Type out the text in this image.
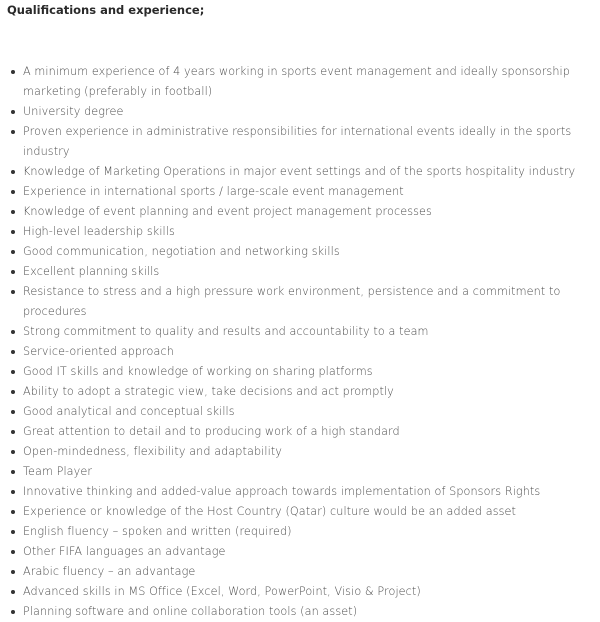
Qualifications and experience;
A minimum experience of 4 years working in sports event management and ideally sponsorship marketing (preferably in football)
University degree
Proven experience in administrative responsibilities for international events ideally in the sports industry
Knowledge of Marketing Operations in major event settings and of the sports hospitality industry
Experience in international sports / large-scale event management
Knowledge of event planning and event project management processes
High-level leadership skills
Good communication, negotiation and networking skills
Excellent planning skills
Resistance to stress and a high pressure work environment, persistence and a commitment to procedures
Strong commitment to quality and results and accountability to a team
Service-oriented approach
Good IT skills and knowledge of working on sharing platforms
Ability to adopt a strategic view, take decisions and act promptly
Good analytical and conceptual skills
Great attention to detail and to producing work of a high standard
Open-mindedness, flexibility and adaptability
Team Player
Innovative thinking and added-value approach towards implementation of Sponsors Rights
Experience or knowledge of the Host Country (Qatar) culture would be an added asset
English fluency – spoken and written (required)
Other FIFA languages an advantage
Arabic fluency – an advantage
Advanced skills in MS Office (Excel, Word, PowerPoint, Visio & Project)
Planning software and online collaboration tools (an asset)
